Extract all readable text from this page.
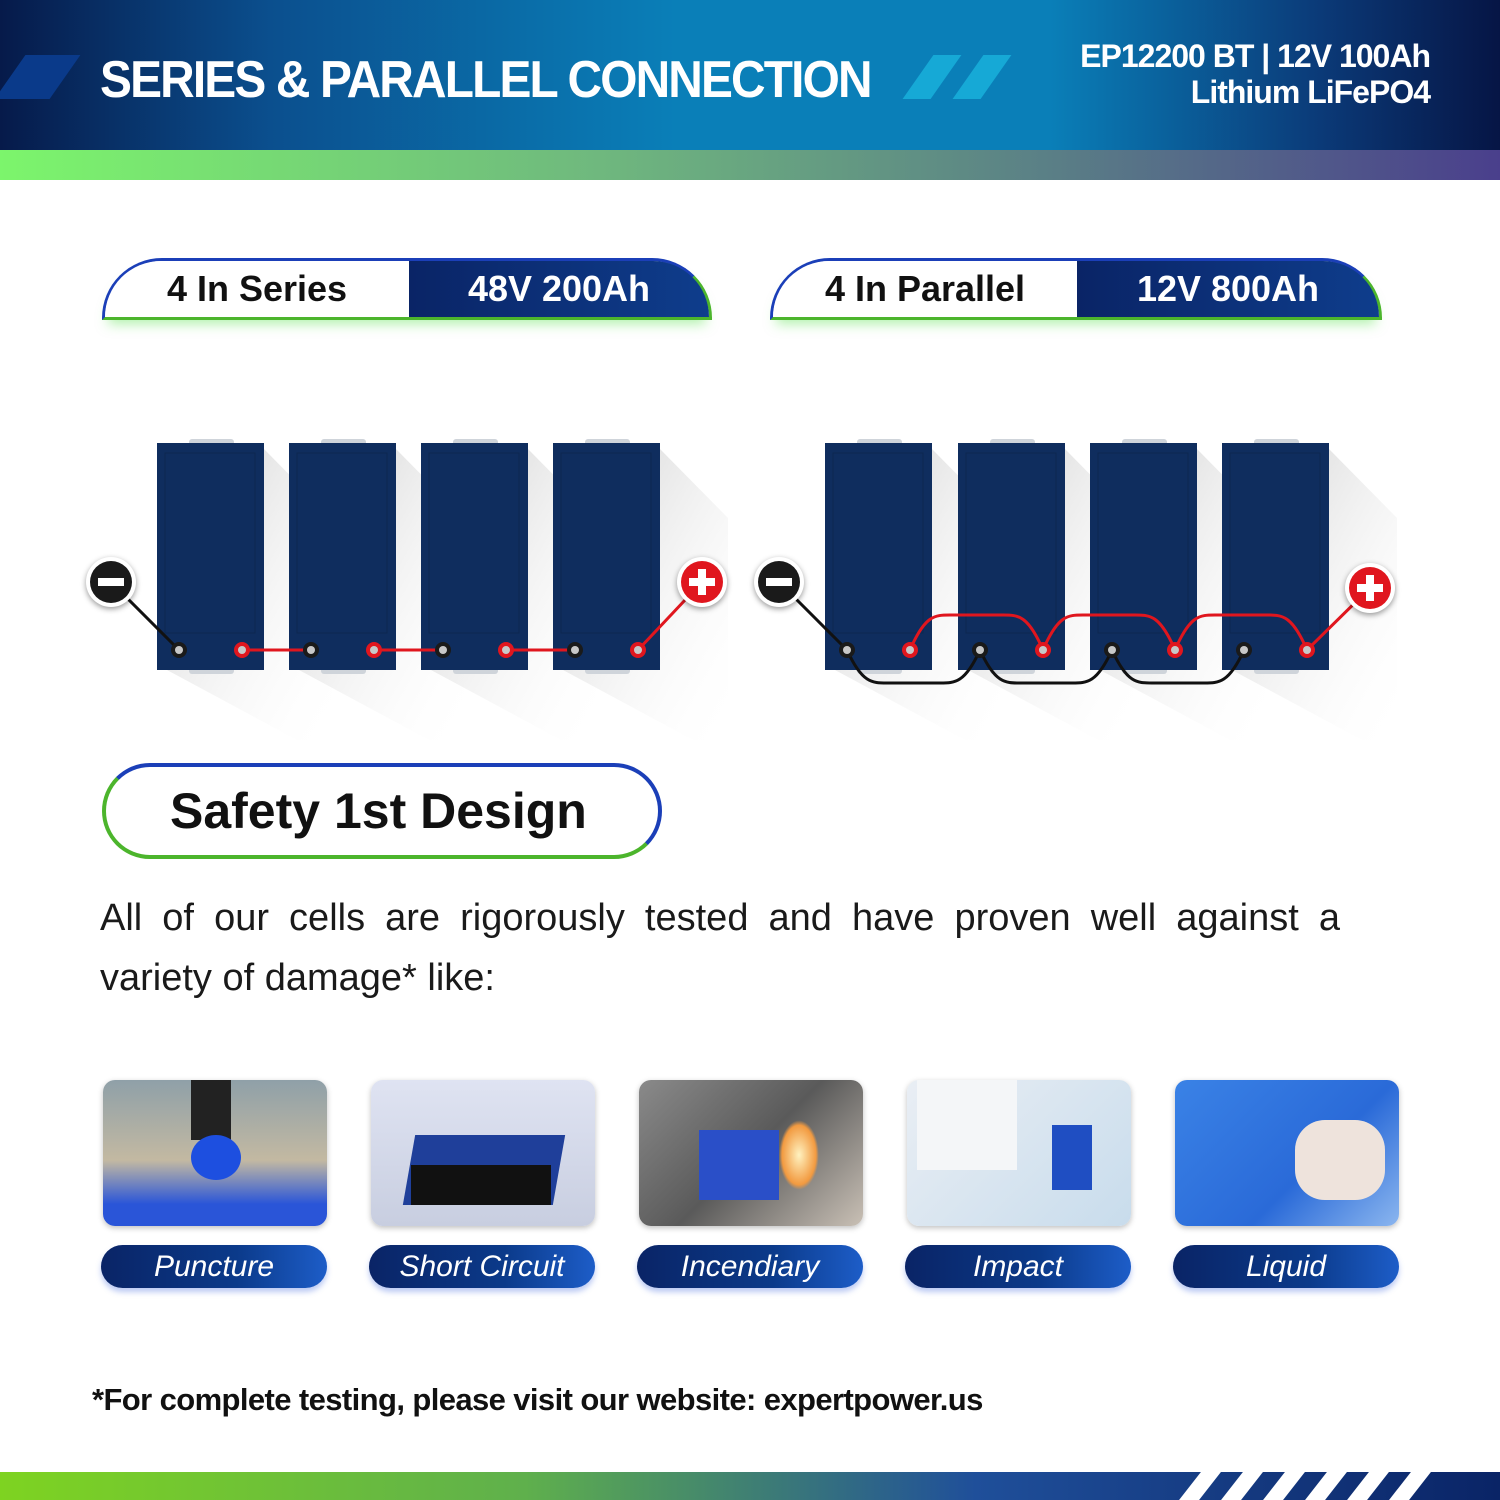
SERIES & PARALLEL CONNECTION	EP12200 BT | 12V 100Ah
Lithium LiFePO4
4 In Series	48V 200Ah	4 In Parallel	12V 800Ah
Safety 1st Design
All of our cells are rigorously tested and have proven well against a variety of damage* like:
Puncture	Short Circuit	Incendiary	Impact	Liquid
*For complete testing, please visit our website: expertpower.us
